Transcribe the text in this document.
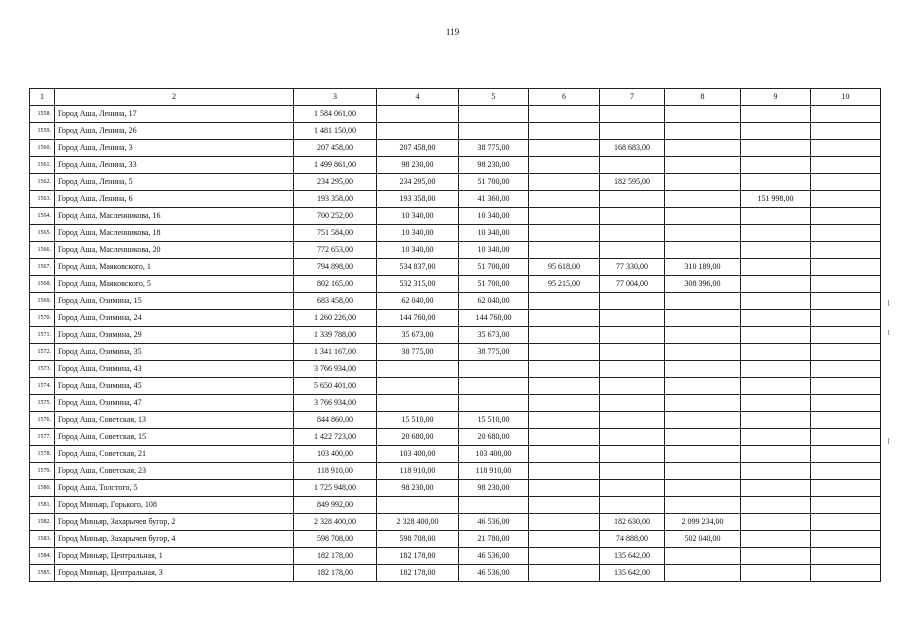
119
1	2	3	4	5	6	7	8	9	10
1558.	Город Аша, Ленина, 17	1 584 061,00							
1559.	Город Аша, Ленина, 26	1 481 150,00							
1560.	Город Аша, Ленина, 3	207 458,00	207 458,00	38 775,00		168 683,00			
1561.	Город Аша, Ленина, 33	1 499 861,00	98 230,00	98 230,00					
1562.	Город Аша, Ленина, 5	234 295,00	234 295,00	51 700,00		182 595,00			
1563.	Город Аша, Ленина, 6	193 358,00	193 358,00	41 360,00				151 998,00	
1564.	Город Аша, Масленникова, 16	700 252,00	10 340,00	10 340,00					
1565.	Город Аша, Масленникова, 18	751 584,00	10 340,00	10 340,00					
1566.	Город Аша, Масленникова, 20	772 653,00	10 340,00	10 340,00					
1567.	Город Аша, Маяковского, 1	794 898,00	534 837,00	51 700,00	95 618,00	77 330,00	310 189,00		
1568.	Город Аша, Маяковского, 5	802 165,00	532 315,00	51 700,00	95 215,00	77 004,00	308 396,00		
1569.	Город Аша, Озимина, 15	683 458,00	62 040,00	62 040,00					
1570.	Город Аша, Озимина, 24	1 260 226,00	144 760,00	144 760,00					
1571.	Город Аша, Озимина, 29	1 339 788,00	35 673,00	35 673,00					
1572.	Город Аша, Озимина, 35	1 341 167,00	38 775,00	38 775,00					
1573.	Город Аша, Озимина, 43	3 766 934,00							
1574.	Город Аша, Озимина, 45	5 650 401,00							
1575.	Город Аша, Озимина, 47	3 766 934,00							
1576.	Город Аша, Советская, 13	844 860,00	15 510,00	15 510,00					
1577.	Город Аша, Советская, 15	1 422 723,00	20 680,00	20 680,00					
1578.	Город Аша, Советская, 21	103 400,00	103 400,00	103 400,00					
1579.	Город Аша, Советская, 23	118 910,00	118 910,00	118 910,00					
1580.	Город Аша, Толстого, 5	1 725 948,00	98 230,00	98 230,00					
1581.	Город Миньяр, Горького, 108	849 992,00							
1582.	Город Миньяр, Захарычев бугор, 2	2 328 400,00	2 328 400,00	46 536,00		182 630,00	2 099 234,00		
1583.	Город Миньяр, Захарычев бугор, 4	598 708,00	598 708,00	21 780,00		74 888,00	502 040,00		
1584.	Город Миньяр, Центральная, 1	182 178,00	182 178,00	46 536,00		135 642,00			
1585.	Город Миньяр, Центральная, 3	182 178,00	182 178,00	46 536,00		135 642,00			
